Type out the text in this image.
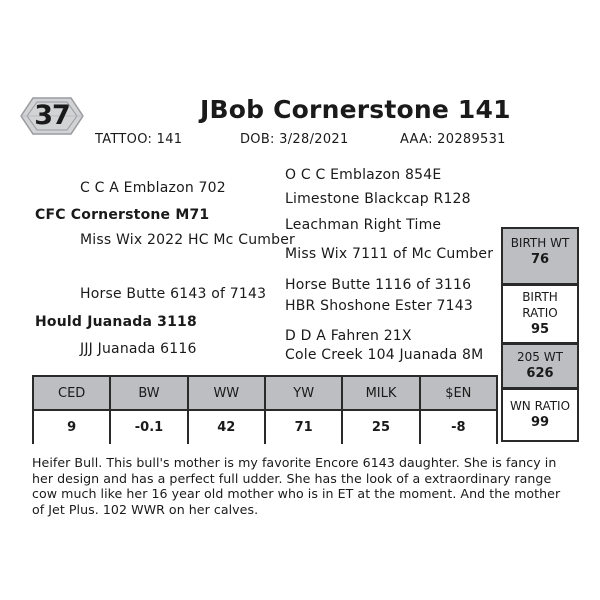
37	JBob Cornerstone 141
TATTOO: 141	DOB: 3/28/2021	AAA: 20289531
C C A Emblazon 702
CFC Cornerstone M71
Miss Wix 2022 HC Mc Cumber
Horse Butte 6143 of 7143
Hould Juanada 3118
JJJ Juanada 6116
O C C Emblazon 854E
Limestone Blackcap R128
Leachman Right Time
Miss Wix 7111 of Mc Cumber
Horse Butte 1116 of 3116
HBR Shoshone Ester 7143
D D A Fahren 21X
Cole Creek 104 Juanada 8M
BIRTH WT
76
BIRTH
RATIO
95
205 WT
626
WN RATIO
99
CED	BW	WW	YW	MILK	$EN
9	-0.1	42	71	25	-8
Heifer Bull. This bull's mother is my favorite Encore 6143 daughter. She is fancy in her design and has a perfect full udder. She has the look of a extraordinary range cow much like her 16 year old mother who is in ET at the moment. And the mother of Jet Plus. 102 WWR on her calves.
